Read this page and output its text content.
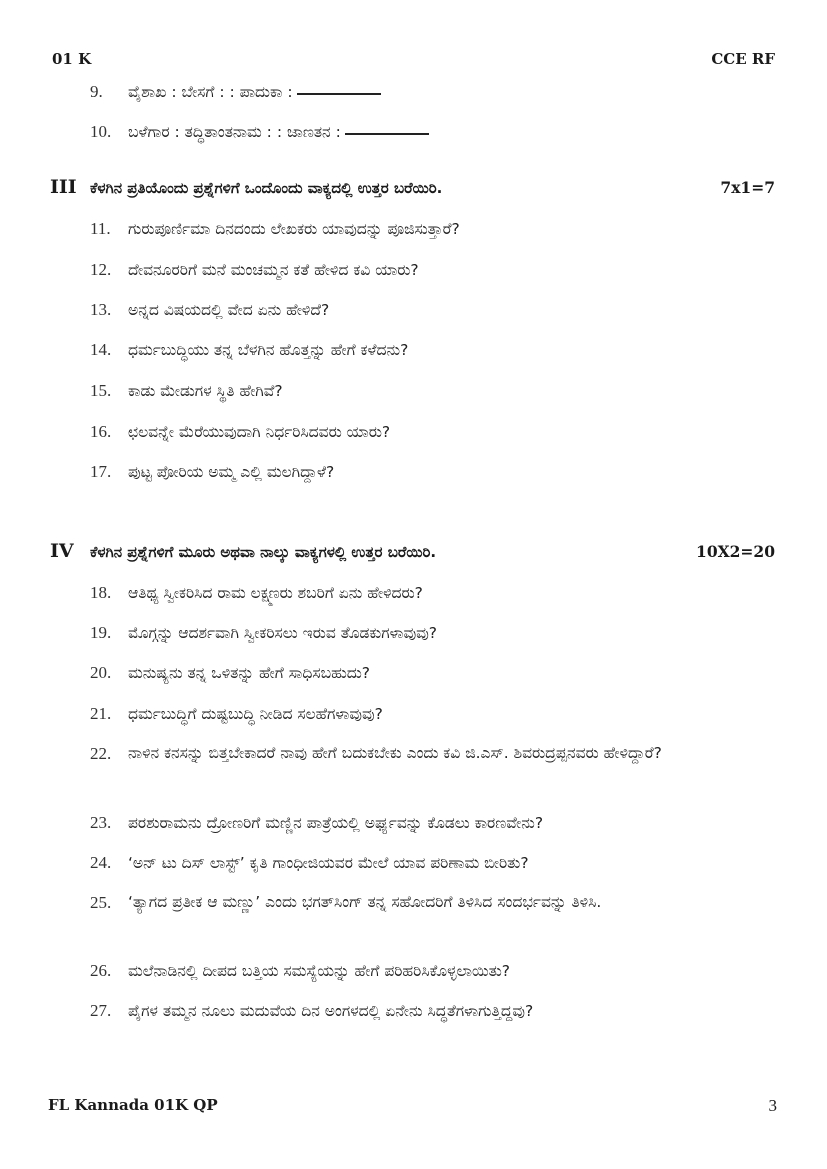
01 K	CCE RF
9. ವೈಶಾಖ : ಬೇಸಗೆ : : ಪಾದುಕಾ :
10. ಬಳೆಗಾರ : ತದ್ಧಿತಾಂತನಾಮ : : ಜಾಣತನ :
III ಕೆಳಗಿನ ಪ್ರತಿಯೊಂದು ಪ್ರಶ್ನೆಗಳಿಗೆ ಒಂದೊಂದು ವಾಕ್ಯದಲ್ಲಿ ಉತ್ತರ ಬರೆಯಿರಿ.	7x1=7
11. ಗುರುಪೂರ್ಣಿಮಾ ದಿನದಂದು ಲೇಖಕರು ಯಾವುದನ್ನು ಪೂಜಿಸುತ್ತಾರೆ?
12. ದೇವನೂರರಿಗೆ ಮನೆ ಮಂಚಮ್ಮನ ಕತೆ ಹೇಳಿದ ಕವಿ ಯಾರು?
13. ಅನ್ನದ ವಿಷಯದಲ್ಲಿ ವೇದ ಏನು ಹೇಳಿದೆ?
14. ಧರ್ಮಬುದ್ಧಿಯು ತನ್ನ ಬೆಳಗಿನ ಹೊತ್ತನ್ನು ಹೇಗೆ ಕಳೆದನು?
15. ಕಾಡು ಮೇಡುಗಳ ಸ್ಥಿತಿ ಹೇಗಿವೆ?
16. ಛಲವನ್ನೇ ಮೆರೆಯುವುದಾಗಿ ನಿರ್ಧರಿಸಿದವರು ಯಾರು?
17. ಪುಟ್ಟ ಪೋರಿಯ ಅಮ್ಮ ಎಲ್ಲಿ ಮಲಗಿದ್ದಾಳೆ?
IV	ಕೆಳಗಿನ ಪ್ರಶ್ನೆಗಳಿಗೆ ಮೂರು ಅಥವಾ ನಾಲ್ಕು ವಾಕ್ಯಗಳಲ್ಲಿ ಉತ್ತರ ಬರೆಯಿರಿ.	10X2=20
18. ಆತಿಥ್ಯ ಸ್ವೀಕರಿಸಿದ ರಾಮ ಲಕ್ಷ್ಮಣರು ಶಬರಿಗೆ ಏನು ಹೇಳಿದರು?
19. ಮೊಗ್ಗನ್ನು ಆದರ್ಶವಾಗಿ ಸ್ವೀಕರಿಸಲು ಇರುವ ತೊಡಕುಗಳಾವುವು?
20. ಮನುಷ್ಯನು ತನ್ನ ಒಳಿತನ್ನು ಹೇಗೆ ಸಾಧಿಸಬಹುದು?
21. ಧರ್ಮಬುದ್ಧಿಗೆ ದುಷ್ಟಬುದ್ಧಿ ನೀಡಿದ ಸಲಹೆಗಳಾವುವು?
22.	ನಾಳಿನ ಕನಸನ್ನು ಬಿತ್ತಬೇಕಾದರೆ ನಾವು ಹೇಗೆ ಬದುಕಬೇಕು ಎಂದು ಕವಿ ಜಿ.ಎಸ್. ಶಿವರುದ್ರಪ್ಪನವರು ಹೇಳಿದ್ದಾರೆ?
23. ಪರಶುರಾಮನು ದ್ರೋಣರಿಗೆ ಮಣ್ಣಿನ ಪಾತ್ರೆಯಲ್ಲಿ ಅರ್ಘ್ಯವನ್ನು ಕೊಡಲು ಕಾರಣವೇನು?
24. ‘ಅನ್ ಟು ದಿಸ್ ಲಾಸ್ಟ್’ ಕೃತಿ ಗಾಂಧೀಜಿಯವರ ಮೇಲೆ ಯಾವ ಪರಿಣಾಮ ಬೀರಿತು?
25.	‘ತ್ಯಾಗದ ಪ್ರತೀಕ ಆ ಮಣ್ಣು’ ಎಂದು ಭಗತ್‌ಸಿಂಗ್ ತನ್ನ ಸಹೋದರಿಗೆ ತಿಳಿಸಿದ ಸಂದರ್ಭವನ್ನು ತಿಳಿಸಿ.
26. ಮಲೆನಾಡಿನಲ್ಲಿ ದೀಪದ ಬತ್ತಿಯ ಸಮಸ್ಯೆಯನ್ನು ಹೇಗೆ ಪರಿಹರಿಸಿಕೊಳ್ಳಲಾಯಿತು?
27. ಪೈಗಳ ತಮ್ಮನ ನೂಲು ಮದುವೆಯ ದಿನ ಅಂಗಳದಲ್ಲಿ ಏನೇನು ಸಿದ್ಧತೆಗಳಾಗುತ್ತಿದ್ದವು?
FL Kannada 01K QP	3
